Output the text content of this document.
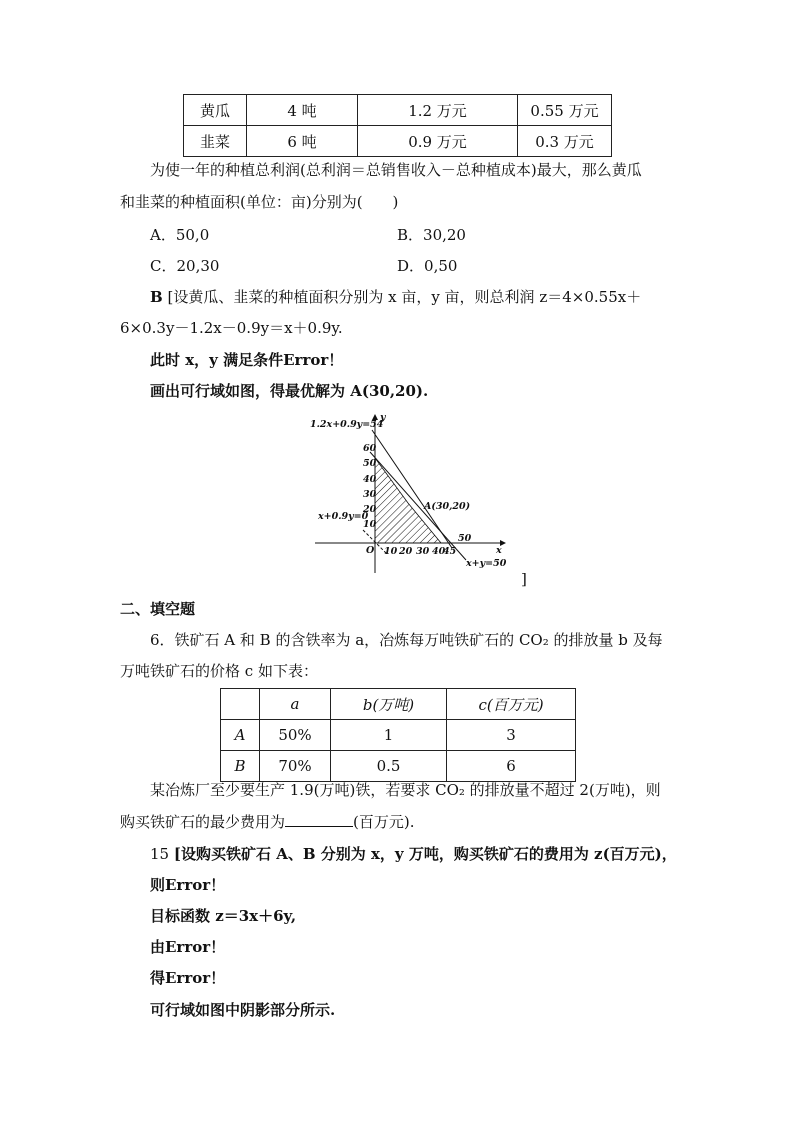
黄瓜	4 吨	1.2 万元	0.55 万元
韭菜	6 吨	0.9 万元	0.3 万元
为使一年的种植总利润(总利润＝总销售收入－总种植成本)最大，那么黄瓜
和韭菜的种植面积(单位：亩)分别为(　　)
A．50,0	B．30,20
C．20,30	D．0,50
B [设黄瓜、韭菜的种植面积分别为 x 亩，y 亩，则总利润 z＝4×0.55x＋
6×0.3y－1.2x－0.9y＝x＋0.9y.
此时 x，y 满足条件Error！
画出可行域如图，得最优解为 A(30,20).
1.2x+0.9y=54
y
x
O
60
50
40
30
20
10
10 20 30 40
45
A(30,20)
50
x+0.9y=0
x+y=50
]
二、填空题
6．铁矿石 A 和 B 的含铁率为 a，冶炼每万吨铁矿石的 CO₂ 的排放量 b 及每
万吨铁矿石的价格 c 如下表：
	a	b(万吨)	c(百万元)
A	50%	1	3
B	70%	0.5	6
某冶炼厂至少要生产 1.9(万吨)铁，若要求 CO₂ 的排放量不超过 2(万吨)，则
购买铁矿石的最少费用为	(百万元).
15 [设购买铁矿石 A、B 分别为 x，y 万吨，购买铁矿石的费用为 z(百万元)，
则Error！
目标函数 z＝3x＋6y,
由Error！
得Error！
可行域如图中阴影部分所示.
